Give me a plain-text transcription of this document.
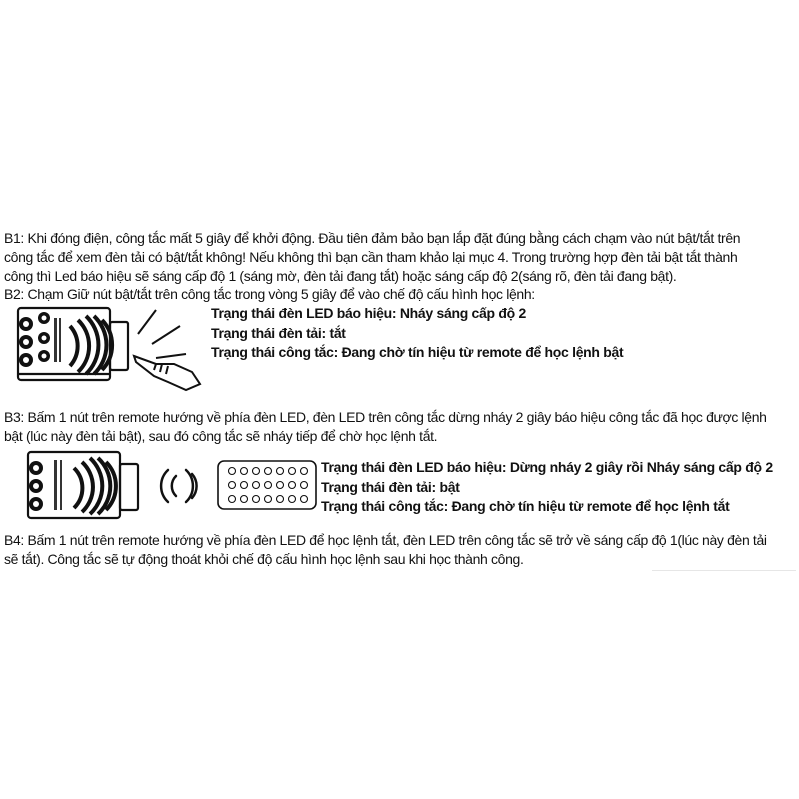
B1: Khi đóng điện, công tắc mất 5 giây để khởi động. Đầu tiên đảm bảo bạn lắp đặt đúng bằng cách chạm vào nút bật/tắt trên
công tắc để xem đèn tải có bật/tắt không! Nếu không thì bạn cần tham khảo lại mục 4. Trong trường hợp đèn tải bật tắt thành
công thì Led báo hiệu sẽ sáng cấp độ 1 (sáng mờ, đèn tải đang tắt) hoặc sáng cấp độ 2(sáng rõ, đèn tải đang bật).
B2: Chạm Giữ nút bật/tắt trên công tắc trong vòng 5 giây để vào chế độ cấu hình học lệnh:
Trạng thái đèn LED báo hiệu: Nháy sáng cấp độ 2
Trạng thái đèn tải: tắt
Trạng thái công tắc: Đang chờ tín hiệu từ remote để học lệnh bật
B3: Bấm 1 nút trên remote hướng về phía đèn LED, đèn LED trên công tắc dừng nháy 2 giây báo hiệu công tắc đã học được lệnh
bật (lúc này đèn tải bật), sau đó công tắc sẽ nháy tiếp để chờ học lệnh tắt.
Trạng thái đèn LED báo hiệu: Dừng nháy 2 giây rồi Nháy sáng cấp độ 2
Trạng thái đèn tải: bật
Trạng thái công tắc: Đang chờ tín hiệu từ remote để học lệnh tắt
B4: Bấm 1 nút trên remote hướng về phía đèn LED để học lệnh tắt, đèn LED trên công tắc sẽ trở về sáng cấp độ 1(lúc này đèn tải
sẽ tắt). Công tắc sẽ tự động thoát khỏi chế độ cấu hình học lệnh sau khi học thành công.
